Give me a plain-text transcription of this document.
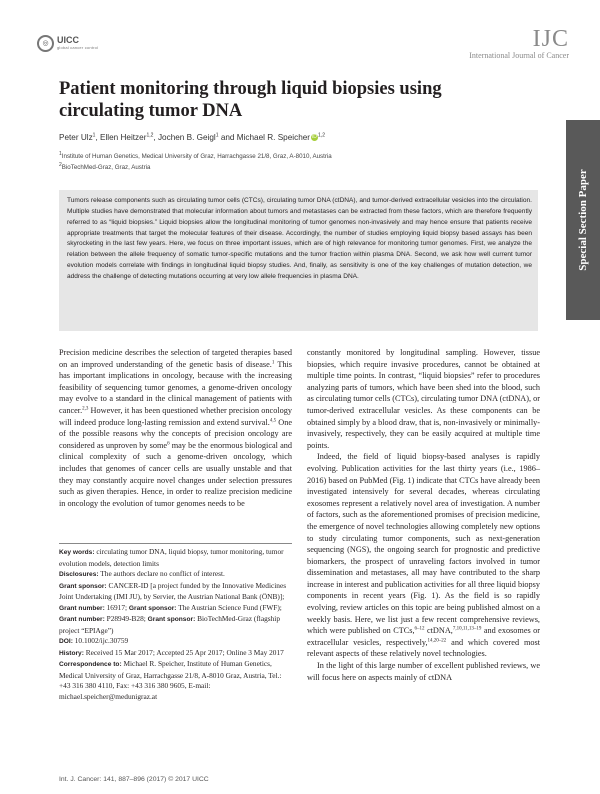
◎ UICC
global cancer control	IJC
International Journal of Cancer
Special Section Paper
Patient monitoring through liquid biopsies using circulating tumor DNA
Peter Ulz$^1$, Ellen Heitzer$^{1,2}$, Jochen B. Geigl$^1$ and Michael R. Speicher iD$^{1,2}$
$^1$Institute of Human Genetics, Medical University of Graz, Harrachgasse 21/8, Graz, A-8010, Austria
$^2$BioTechMed-Graz, Graz, Austria
Tumors release components such as circulating tumor cells (CTCs), circulating tumor DNA (ctDNA), and tumor-derived extracellular vesicles into the circulation. Multiple studies have demonstrated that molecular information about tumors and metastases can be extracted from these factors, which are therefore frequently referred to as “liquid biopsies.” Liquid biopsies allow the longitudinal monitoring of tumor genomes non-invasively and may hence ensure that patients receive appropriate treatments that target the molecular features of their disease. Accordingly, the number of studies employing liquid biopsy based assays has been skyrocketing in the last few years. Here, we focus on three important issues, which are of high relevance for monitoring tumor genomes. First, we analyze the relation between the allele frequency of somatic tumor-specific mutations and the tumor fraction within plasma DNA. Second, we ask how well current tumor evolution models correlate with findings in longitudinal liquid biopsy studies. And, finally, as sensitivity is one of the key challenges of mutation detection, we address the challenge of detecting mutations occurring at very low allele frequencies in plasma DNA.

Precision medicine describes the selection of targeted therapies based on an improved understanding of the genetic basis of disease.$^1$ This has important implications in oncology, because with the increasing feasibility of sequencing tumor genomes, a genome-driven oncology may evolve to a standard in the clinical management of patients with cancer.$^{2,3}$ However, it has been questioned whether precision oncology will indeed produce long-lasting remission and extend survival.$^{4,5}$ One of the possible reasons why the concepts of precision oncology are considered as unproven by some$^6$ may be the enormous biological and clinical complexity of such a genome-driven oncology, which includes that genomes of cancer cells are usually unstable and that they may constantly acquire novel changes under selection pressures such as given therapies. Hence, in order to realize precision medicine in oncology the evolution of tumor genomes needs to be

Key words: circulating tumor DNA, liquid biopsy, tumor monitoring, tumor evolution models, detection limits
Disclosures: The authors declare no conflict of interest.
Grant sponsor: CANCER-ID [a project funded by the Innovative Medicines Joint Undertaking (IMI JU), by Servier, the Austrian National Bank (ÖNB)]; Grant number: 16917; Grant sponsor: The Austrian Science Fund (FWF); Grant number: P28949-B28; Grant sponsor: BioTechMed-Graz (flagship project “EPIAge”)
DOI: 10.1002/ijc.30759
History: Received 15 Mar 2017; Accepted 25 Apr 2017; Online 3 May 2017
Correspondence to: Michael R. Speicher, Institute of Human Genetics, Medical University of Graz, Harrachgasse 21/8, A-8010 Graz, Austria, Tel.: +43 316 380 4110, Fax: +43 316 380 9605, E-mail: michael.speicher@medunigraz.at

constantly monitored by longitudinal sampling. However, tissue biopsies, which require invasive procedures, cannot be obtained at multiple time points. In contrast, “liquid biopsies” refer to procedures analyzing parts of tumors, which have been shed into the blood, such as circulating tumor cells (CTCs), circulating tumor DNA (ctDNA), or tumor-derived extracellular vesicles. As these components can be obtained simply by a blood draw, that is, non-invasively or minimally-invasively, respectively, they can be easily acquired at multiple time points.

Indeed, the field of liquid biopsy-based analyses is rapidly evolving. Publication activities for the last thirty years (i.e., 1986–2016) based on PubMed (Fig. 1) indicate that CTCs have already been investigated intensively for several decades, whereas circulating exosomes represent a relatively novel area of investigation. A number of factors, such as the aforementioned promises of precision medicine, the emergence of novel technologies allowing completely new options to study circulating tumor components, such as next-generation sequencing (NGS), the ongoing search for prognostic and predictive biomarkers, the prospect of unraveling factors involved in tumor dissemination and metastases, all may have contributed to the sharp increase in interest and publication activities for all three liquid biopsy components in recent years (Fig. 1). As the field is so rapidly evolving, review articles on this topic are being published almost on a weekly basis. Here, we list just a few recent comprehensive reviews, which were published on CTCs,$^{6-12}$ ctDNA,$^{7,10,11,13-19}$ and exosomes or extracellular vesicles, respectively,$^{14,20-22}$ and which covered most relevant aspects of these relatively novel technologies.

In the light of this large number of excellent published reviews, we will focus here on aspects mainly of ctDNA

Int. J. Cancer: 141, 887–896 (2017) © 2017 UICC
